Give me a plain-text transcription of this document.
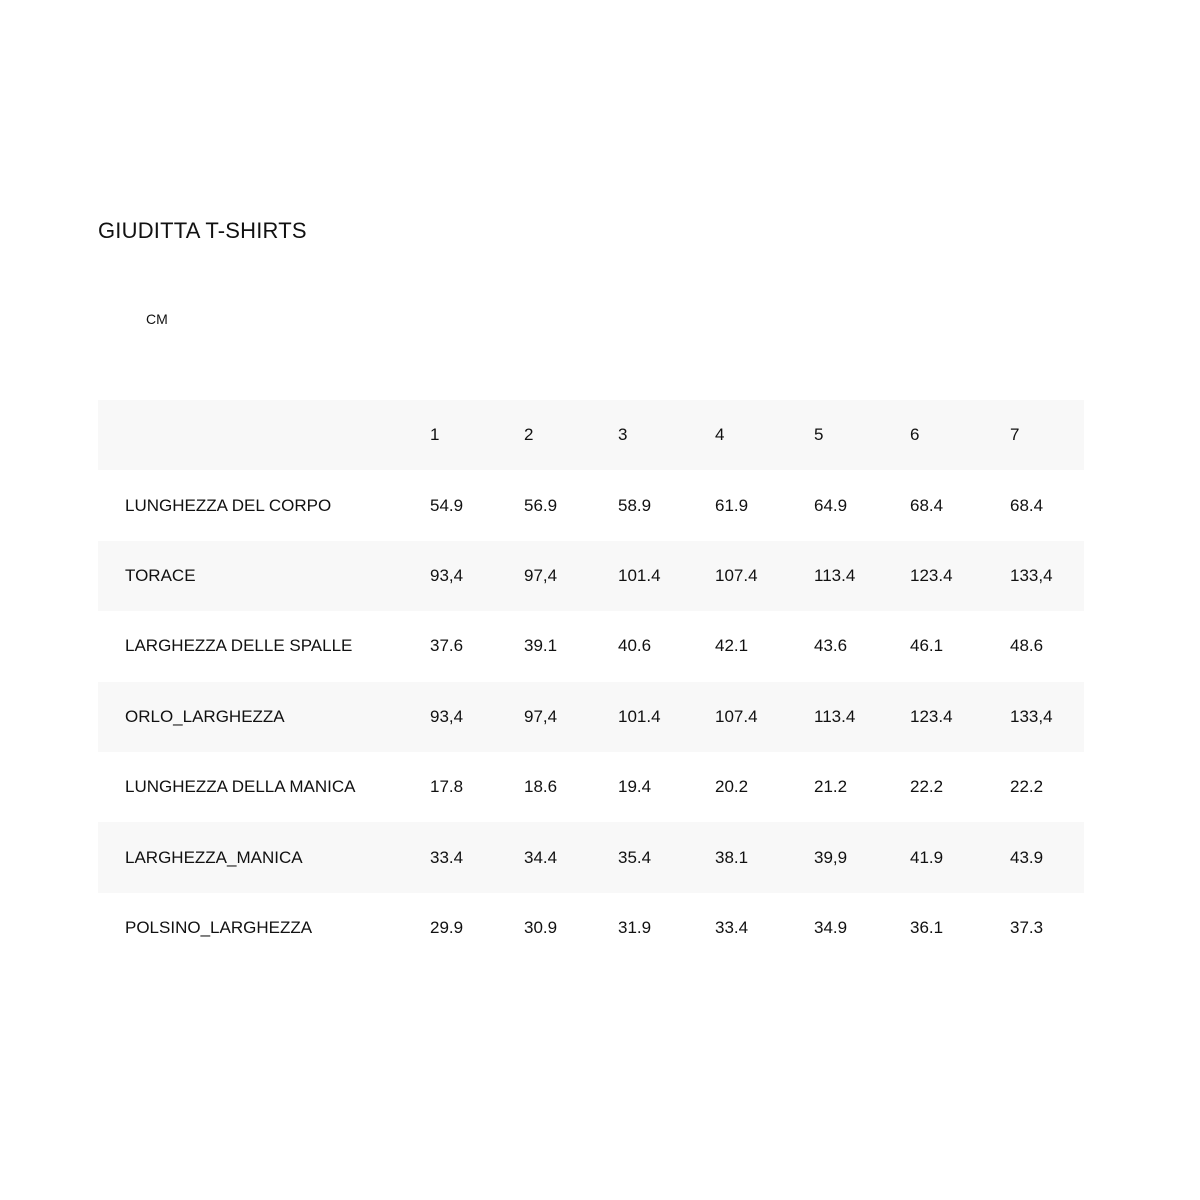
GIUDITTA T-SHIRTS
CM
	1	2	3	4	5	6	7
LUNGHEZZA DEL CORPO	54.9	56.9	58.9	61.9	64.9	68.4	68.4
TORACE	93,4	97,4	101.4	107.4	113.4	123.4	133,4
LARGHEZZA DELLE SPALLE	37.6	39.1	40.6	42.1	43.6	46.1	48.6
ORLO_LARGHEZZA	93,4	97,4	101.4	107.4	113.4	123.4	133,4
LUNGHEZZA DELLA MANICA	17.8	18.6	19.4	20.2	21.2	22.2	22.2
LARGHEZZA_MANICA	33.4	34.4	35.4	38.1	39,9	41.9	43.9
POLSINO_LARGHEZZA	29.9	30.9	31.9	33.4	34.9	36.1	37.3
